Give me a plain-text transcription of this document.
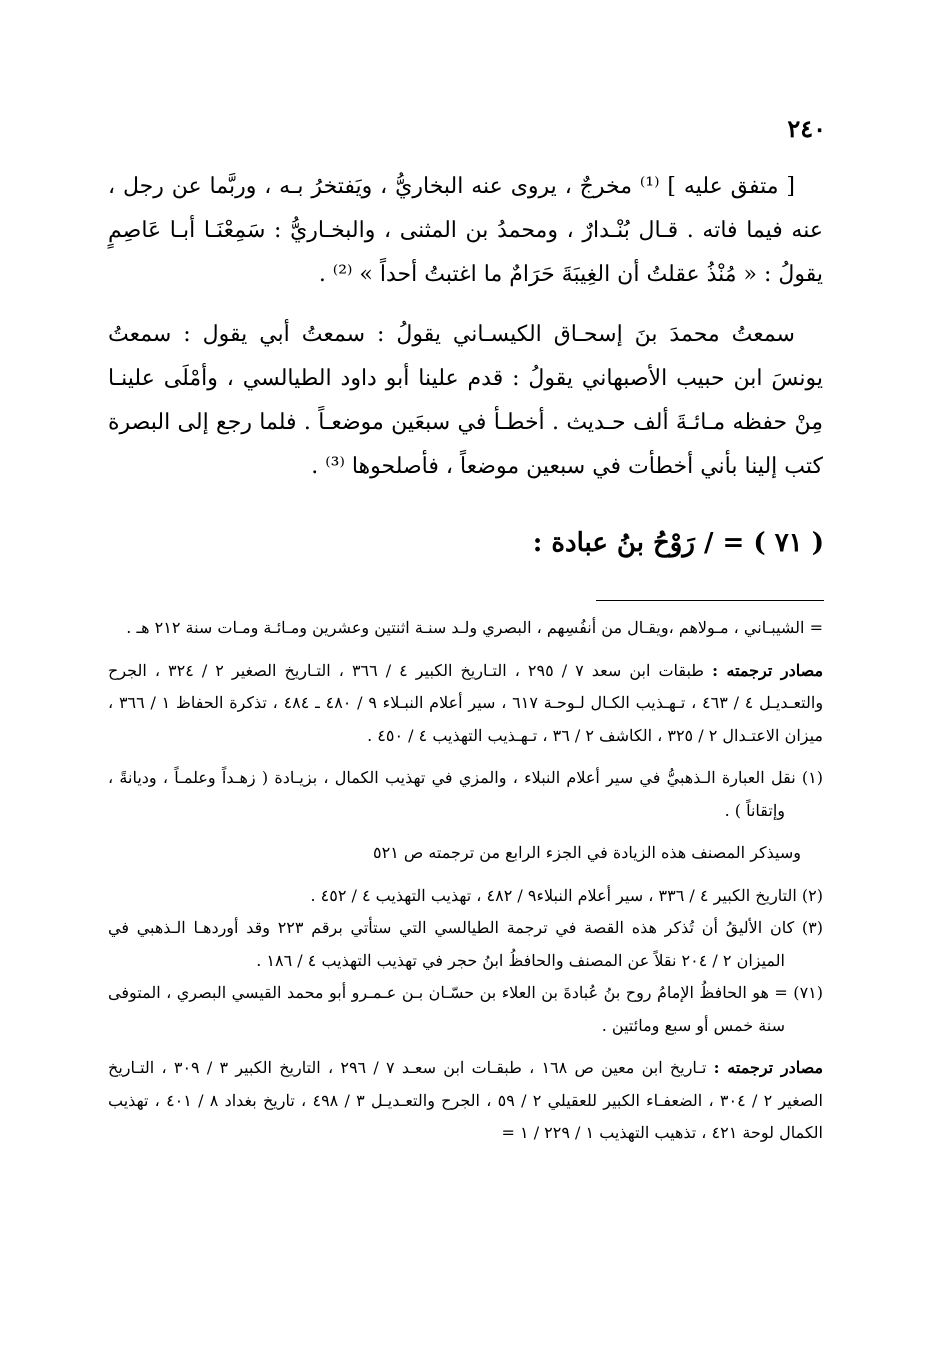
٢٤٠

[ متفق عليه ] ⁽¹⁾ مخرجٌ ، يروى عنه البخاريُّ ، ويَفتخرُ بـه ، وربَّما عن رجل ، عنه فيما فاته . قـال بُنْـدارٌ ، ومحمدُ بن المثنى ، والبخـاريُّ : سَمِعْنَـا أبـا عَاصِمٍ يقولُ : « مُنْذُ عقلتُ أن الغِيبَةَ حَرَامٌ ما اغتبتُ أحداً » ⁽²⁾ .

سمعتُ محمدَ بنَ إسحـاق الكيسـاني يقولُ : سمعتُ أبي يقول : سمعتُ يونسَ ابن حبيب الأصبهاني يقولُ : قدم علينا أبو داود الطيالسي ، وأمْلَى علينـا مِنْ حفظه مـائـةَ ألف حـديث . أخطـأ في سبعَين موضعـاً . فلما رجع إلى البصرة كتب إلينا بأني أخطأت في سبعين موضعاً ، فأصلحوها ⁽³⁾ .

( ٧١ ) = / رَوْحُ بنُ عبادة :

= الشيبـاني ، مـولاهم ،ويقـال من أنفُسِهم ، البصري ولـد سنـة اثنتين وعشرين ومـائـة ومـات سنة ٢١٢ هـ .

مصادر ترجمته : طبقات ابن سعد ٧ / ٢٩٥ ، التـاريخ الكبير ٤ / ٣٦٦ ، التـاريخ الصغير ٢ / ٣٢٤ ، الجرح والتعـديـل ٤ / ٤٦٣ ، تـهـذيب الكـال لـوحـة ٦١٧ ، سير أعلام النبـلاء ٩ / ٤٨٠ ـ ٤٨٤ ، تذكرة الحفاظ ١ / ٣٦٦ ، ميزان الاعتـدال ٢ / ٣٢٥ ، الكاشف ٢ / ٣٦ ، تـهـذيب التهذيب ٤ / ٤٥٠ .

(١) نقل العبارة الـذهبيُّ في سير أعلام النبلاء ، والمزي في تهذيب الكمال ، بزيـادة ( زهـداً وعلمـاً ، وديانةً ، وإتقاناً ) .

وسيذكر المصنف هذه الزيادة في الجزء الرابع من ترجمته ص ٥٢١

(٢) التاريخ الكبير ٤ / ٣٣٦ ، سير أعلام النبلاء٩ / ٤٨٢ ، تهذيب التهذيب ٤ / ٤٥٢ .

(٣) كان الأليقُ أن تُذكر هذه القصة في ترجمة الطيالسي التي ستأتي برقم ٢٢٣ وقد أوردهـا الـذهبي في الميزان ٢ / ٢٠٤ نقلاً عن المصنف والحافظُ ابنُ حجر في تهذيب التهذيب ٤ / ١٨٦ .

(٧١) = هو الحافظُ الإمامُ روح بنُ عُبادةَ بن العلاء بن حسّـان بـن عـمـرو أبو محمد القيسي البصري ، المتوفى سنة خمس أو سبع ومائتين .

مصادر ترجمته : تـاريخ ابن معين ص ١٦٨ ، طبقـات ابن سعـد ٧ / ٢٩٦ ، التاريخ الكبير ٣ / ٣٠٩ ، التـاريخ الصغير ٢ / ٣٠٤ ، الضعفـاء الكبير للعقيلي ٢ / ٥٩ ، الجرح والتعـديـل ٣ / ٤٩٨ ، تاريخ بغداد ٨ / ٤٠١ ، تهذيب الكمال لوحة ٤٢١ ، تذهيب التهذيب ١ / ٢٢٩ / ١ =
